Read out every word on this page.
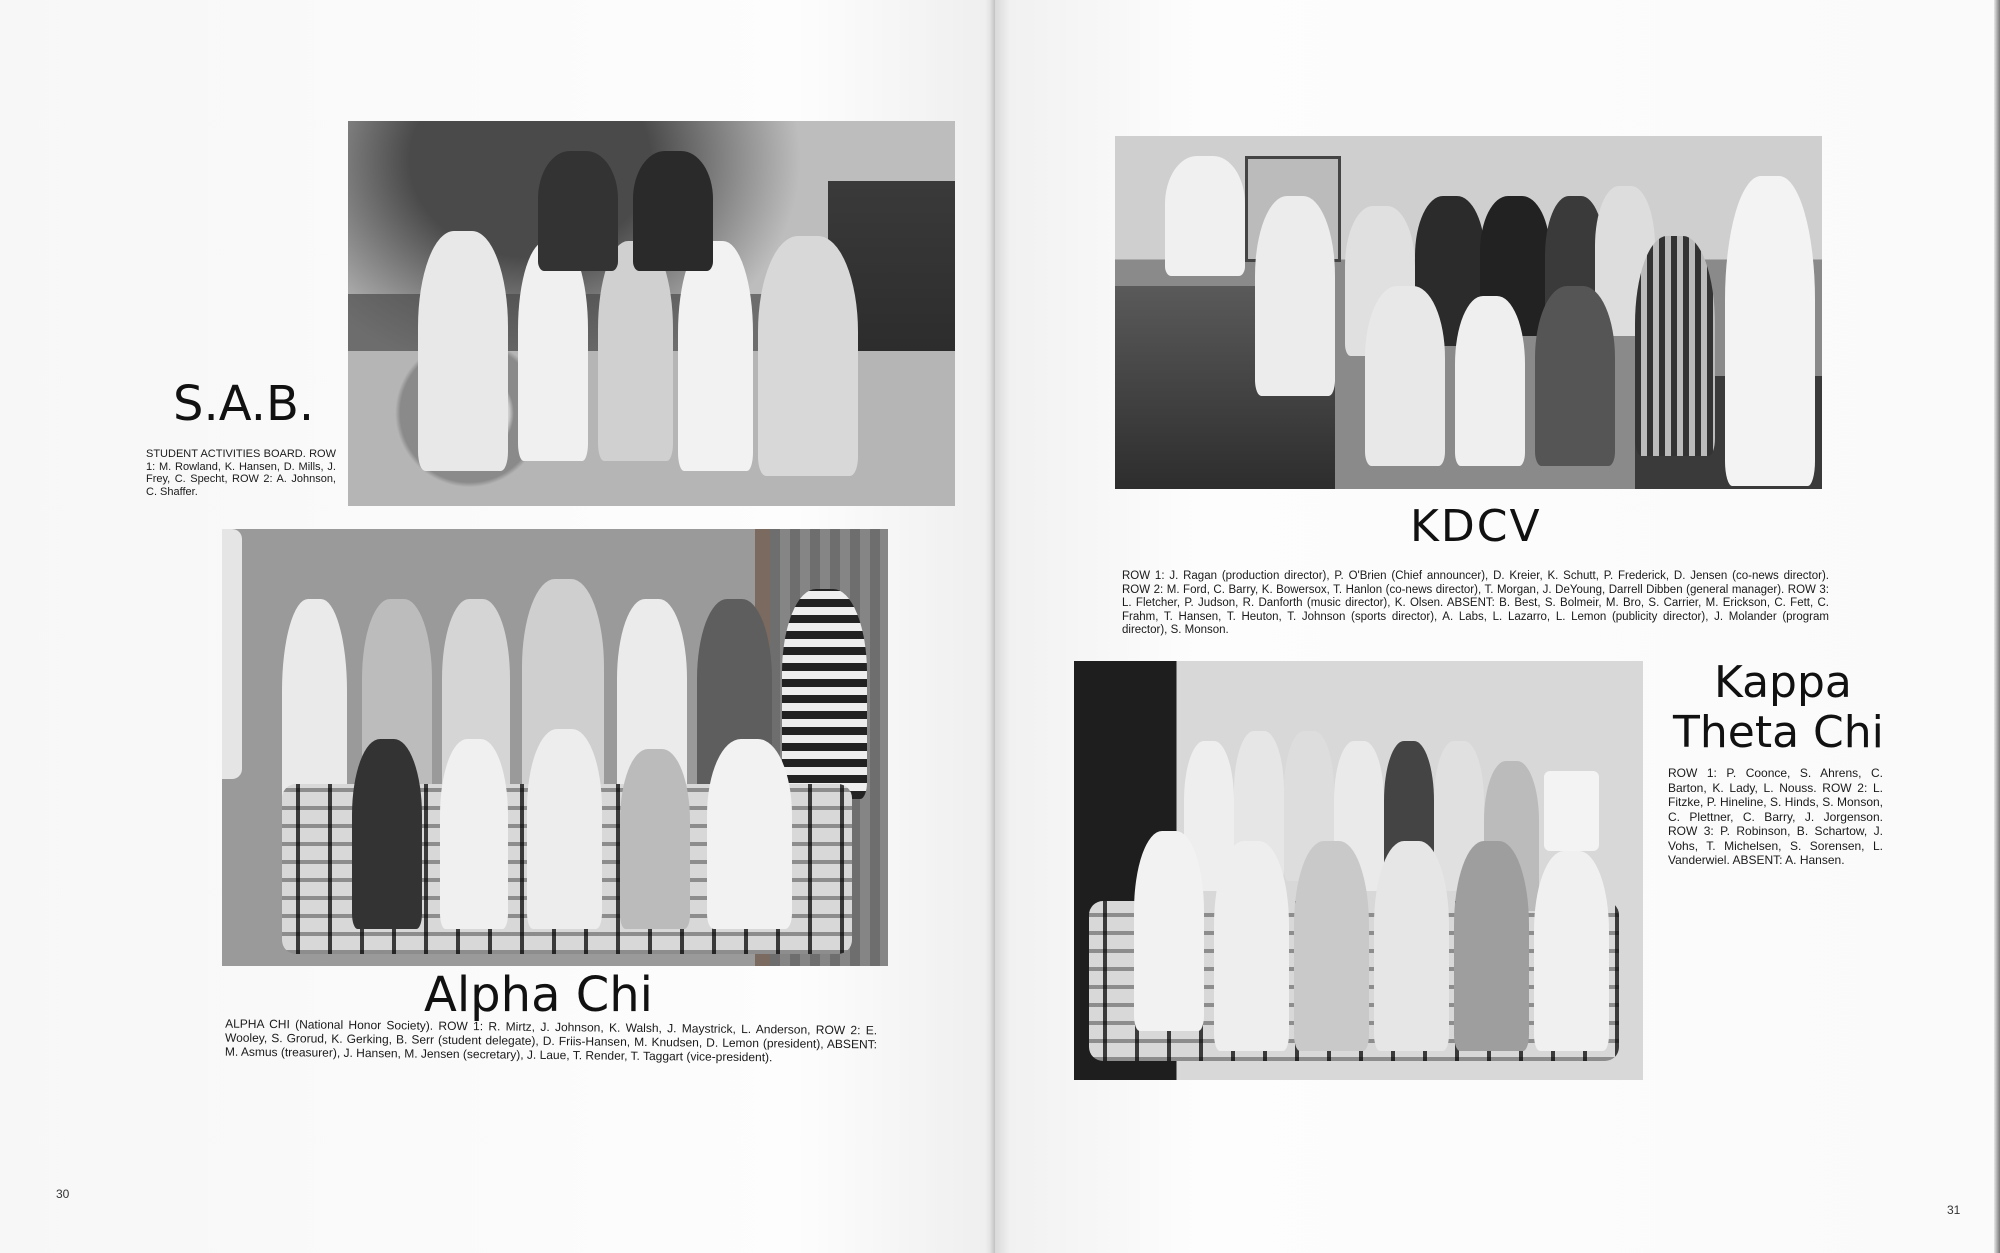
S.A.B.

STUDENT ACTIVITIES BOARD. ROW 1: M. Rowland, K. Hansen, D. Mills, J. Frey, C. Specht, ROW 2: A. Johnson, C. Shaffer.

Alpha Chi

ALPHA CHI (National Honor Society). ROW 1: R. Mirtz, J. Johnson, K. Walsh, J. Maystrick, L. Anderson, ROW 2: E. Wooley, S. Grorud, K. Gerking, B. Serr (student delegate), D. Friis-Hansen, M. Knudsen, D. Lemon (president), ABSENT: M. Asmus (treasurer), J. Hansen, M. Jensen (secretary), J. Laue, T. Render, T. Taggart (vice-president).

30
KDCV

ROW 1: J. Ragan (production director), P. O'Brien (Chief announcer), D. Kreier, K. Schutt, P. Frederick, D. Jensen (co-news director). ROW 2: M. Ford, C. Barry, K. Bowersox, T. Hanlon (co-news director), T. Morgan, J. DeYoung, Darrell Dibben (general manager). ROW 3: L. Fletcher, P. Judson, R. Danforth (music director), K. Olsen. ABSENT: B. Best, S. Bolmeir, M. Bro, S. Carrier, M. Erickson, C. Fett, C. Frahm, T. Hansen, T. Heuton, T. Johnson (sports director), A. Labs, L. Lazarro, L. Lemon (publicity director), J. Molander (program director), S. Monson.

Kappa
Theta Chi

ROW 1: P. Coonce, S. Ahrens, C. Barton, K. Lady, L. Nouss. ROW 2: L. Fitzke, P. Hineline, S. Hinds, S. Monson, C. Plettner, C. Barry, J. Jorgenson. ROW 3: P. Robinson, B. Schartow, J. Vohs, T. Michelsen, S. Sorensen, L. Vanderwiel. ABSENT: A. Hansen.

31
